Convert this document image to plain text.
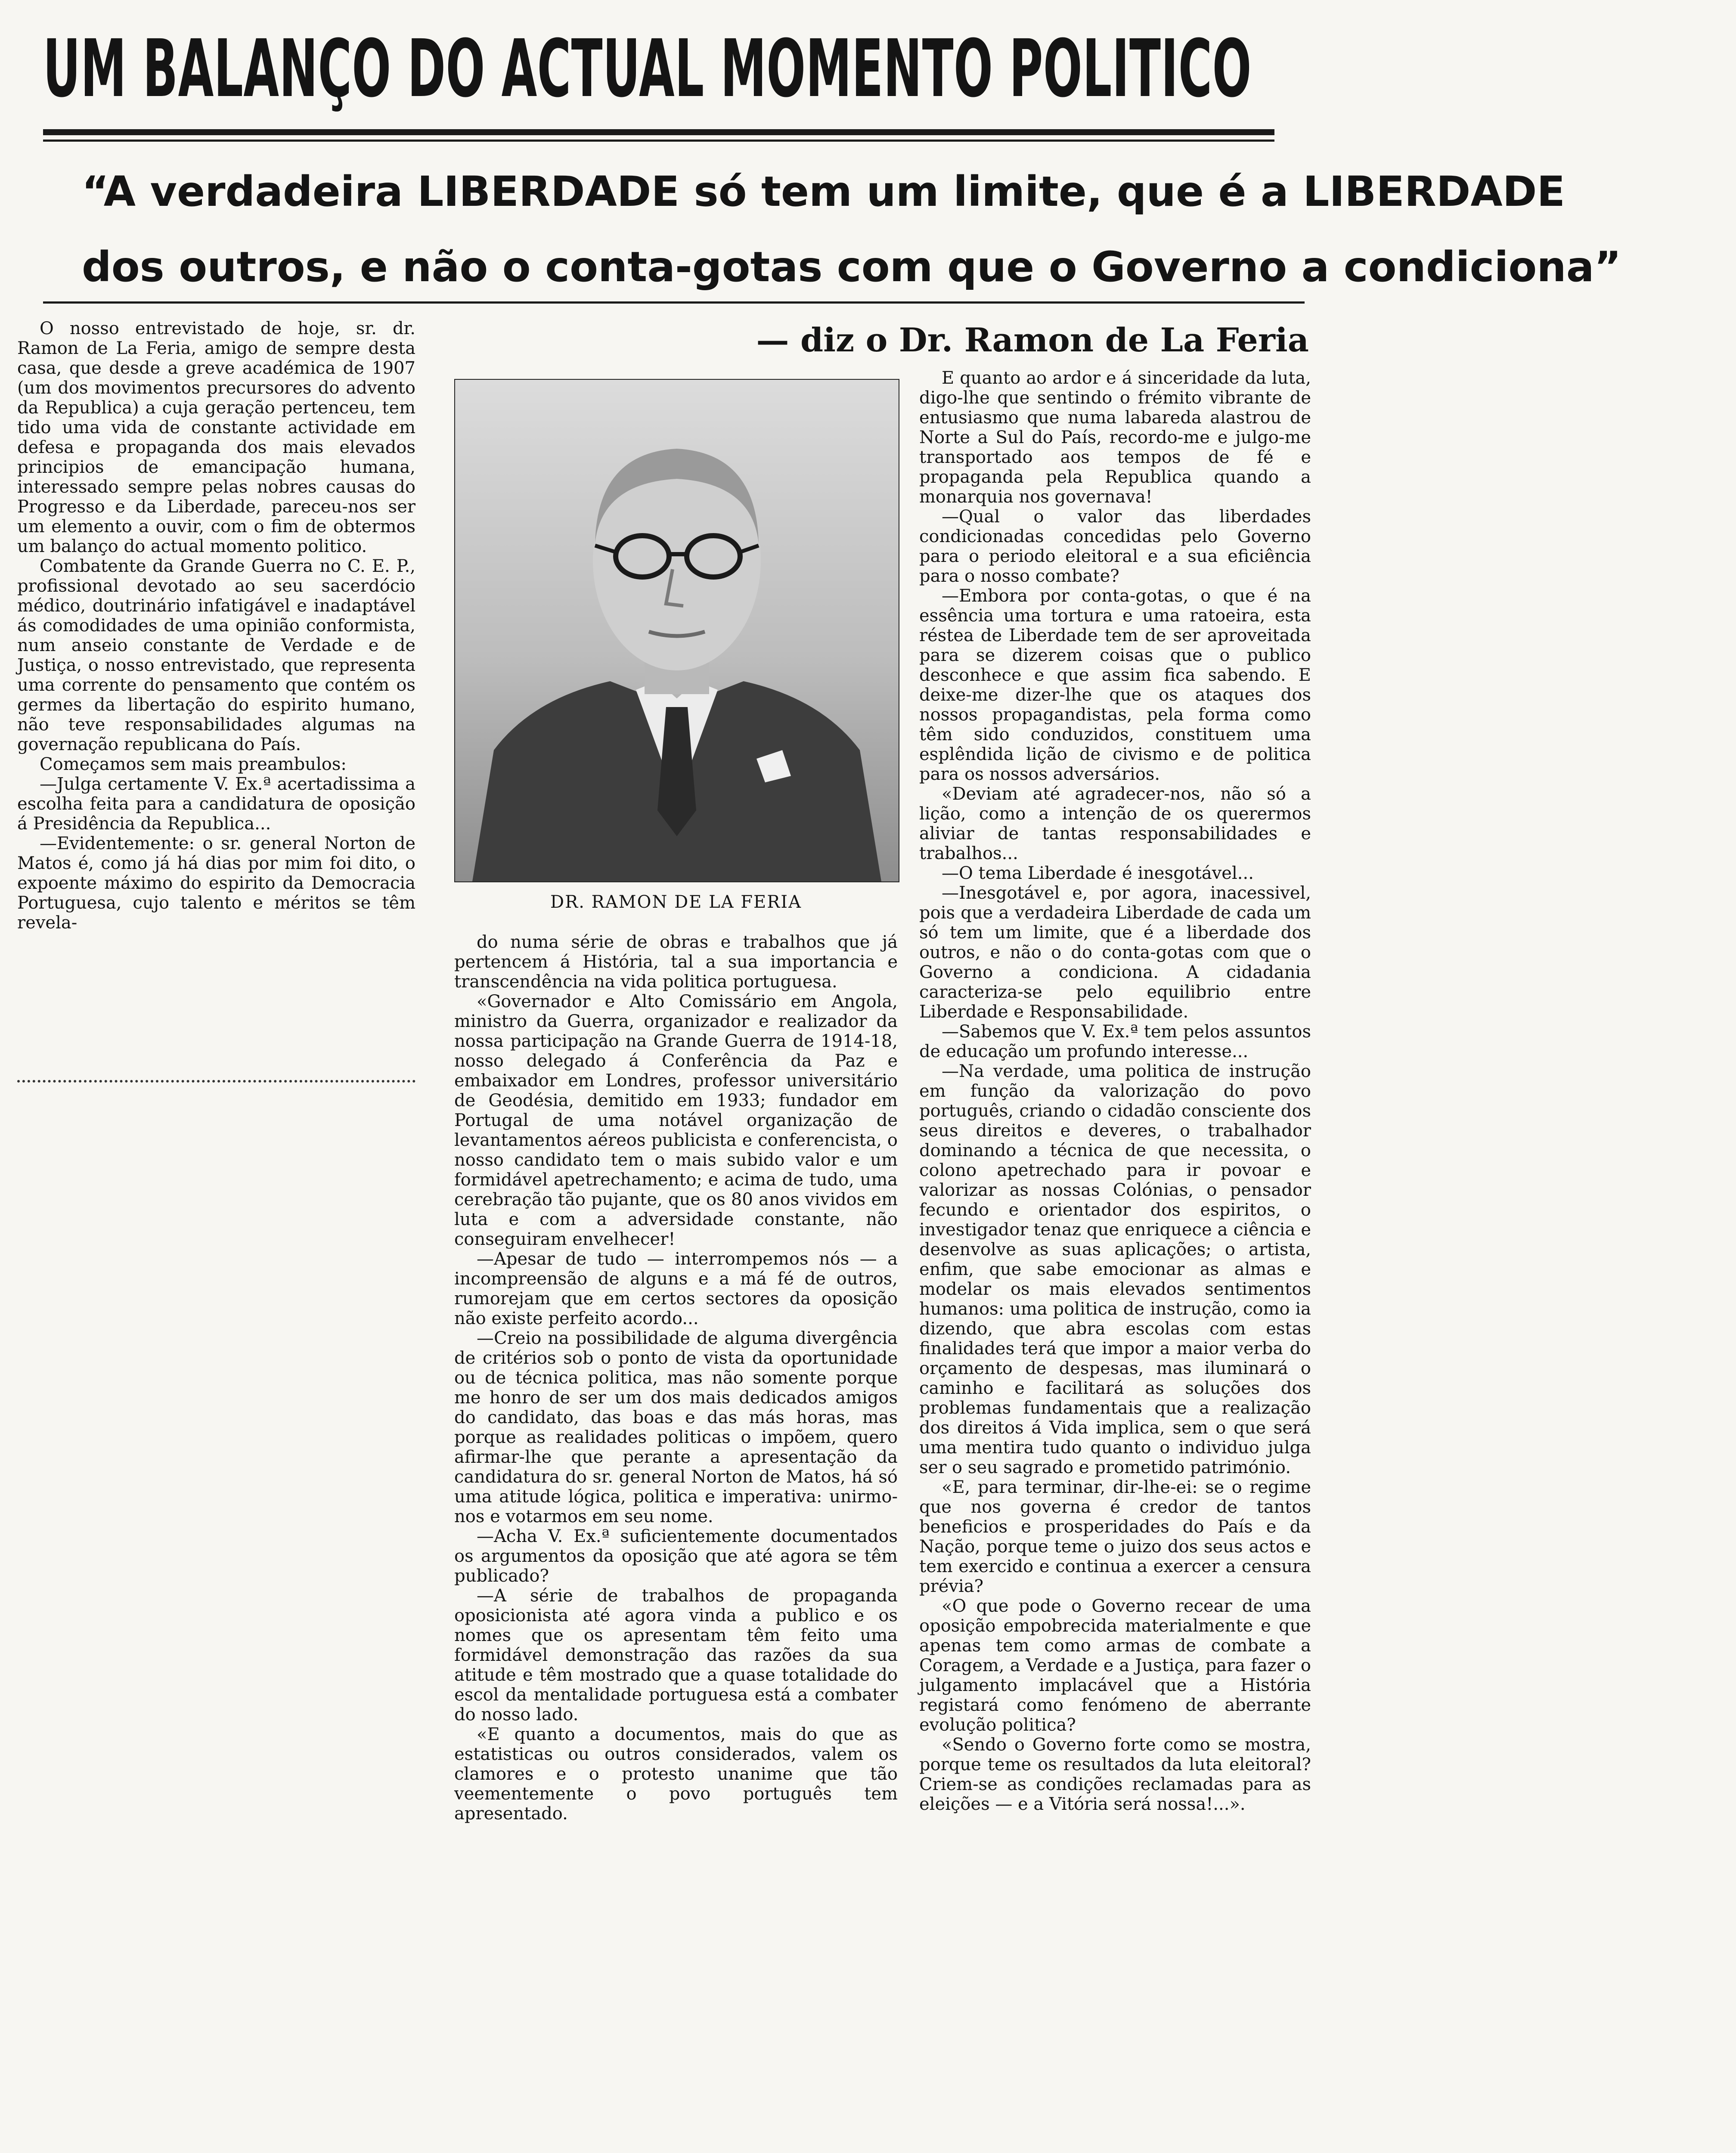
UM BALANÇO DO ACTUAL MOMENTO POLITICO
“A verdadeira LIBERDADE só tem um limite, que é a LIBERDADE
dos outros, e não o conta-gotas com que o Governo a condiciona”

O nosso entrevistado de hoje, sr. dr. Ramon de La Feria, amigo de sempre desta casa, que desde a greve académica de 1907 (um dos movimentos precursores do advento da Republica) a cuja geração pertenceu, tem tido uma vida de constante actividade em defesa e propaganda dos mais elevados principios de emancipação humana, interessado sempre pelas nobres causas do Progresso e da Liberdade, pareceu-nos ser um elemento a ouvir, com o fim de obtermos um balanço do actual momento politico.

Combatente da Grande Guerra no C. E. P., profissional devotado ao seu sacerdócio médico, doutrinário infatigável e inadaptável ás comodidades de uma opinião conformista, num anseio constante de Verdade e de Justiça, o nosso entrevistado, que representa uma corrente do pensamento que contém os germes da libertação do espirito humano, não teve responsabilidades algumas na governação republicana do País.

Começamos sem mais preambulos:

—Julga certamente V. Ex.ª acertadissima a escolha feita para a candidatura de oposição á Presidência da Republica...

—Evidentemente: o sr. general Norton de Matos é, como já há dias por mim foi dito, o expoente máximo do espirito da Democracia Portuguesa, cujo talento e méritos se têm revela-

— diz o Dr. Ramon de La Feria
DR. RAMON DE LA FERIA

do numa série de obras e trabalhos que já pertencem á História, tal a sua importancia e transcendência na vida politica portuguesa.

«Governador e Alto Comissário em Angola, ministro da Guerra, organizador e realizador da nossa participação na Grande Guerra de 1914-18, nosso delegado á Conferência da Paz e embaixador em Londres, professor universitário de Geodésia, demitido em 1933; fundador em Portugal de uma notável organização de levantamentos aéreos publicista e conferencista, o nosso candidato tem o mais subido valor e um formidável apetrechamento; e acima de tudo, uma cerebração tão pujante, que os 80 anos vividos em luta e com a adversidade constante, não conseguiram envelhecer!

—Apesar de tudo — interrompemos nós — a incompreensão de alguns e a má fé de outros, rumorejam que em certos sectores da oposição não existe perfeito acordo...

—Creio na possibilidade de alguma divergência de critérios sob o ponto de vista da oportunidade ou de técnica politica, mas não somente porque me honro de ser um dos mais dedicados amigos do candidato, das boas e das más horas, mas porque as realidades politicas o impõem, quero afirmar-lhe que perante a apresentação da candidatura do sr. general Norton de Matos, há só uma atitude lógica, politica e imperativa: unirmo-nos e votarmos em seu nome.

—Acha V. Ex.ª suficientemente documentados os argumentos da oposição que até agora se têm publicado?

—A série de trabalhos de propaganda oposicionista até agora vinda a publico e os nomes que os apresentam têm feito uma formidável demonstração das razões da sua atitude e têm mostrado que a quase totalidade do escol da mentalidade portuguesa está a combater do nosso lado.

«E quanto a documentos, mais do que as estatisticas ou outros considerados, valem os clamores e o protesto unanime que tão veementemente o povo português tem apresentado.

E quanto ao ardor e á sinceridade da luta, digo-lhe que sentindo o frémito vibrante de entusiasmo que numa labareda alastrou de Norte a Sul do País, recordo-me e julgo-me transportado aos tempos de fé e propaganda pela Republica quando a monarquia nos governava!

—Qual o valor das liberdades condicionadas concedidas pelo Governo para o periodo eleitoral e a sua eficiência para o nosso combate?

—Embora por conta-gotas, o que é na essência uma tortura e uma ratoeira, esta réstea de Liberdade tem de ser aproveitada para se dizerem coisas que o publico desconhece e que assim fica sabendo. E deixe-me dizer-lhe que os ataques dos nossos propagandistas, pela forma como têm sido conduzidos, constituem uma esplêndida lição de civismo e de politica para os nossos adversários.

«Deviam até agradecer-nos, não só a lição, como a intenção de os querermos aliviar de tantas responsabilidades e trabalhos...

—O tema Liberdade é inesgotável...

—Inesgotável e, por agora, inacessivel, pois que a verdadeira Liberdade de cada um só tem um limite, que é a liberdade dos outros, e não o do conta-gotas com que o Governo a condiciona. A cidadania caracteriza-se pelo equilibrio entre Liberdade e Responsabilidade.

—Sabemos que V. Ex.ª tem pelos assuntos de educação um profundo interesse...

—Na verdade, uma politica de instrução em função da valorização do povo português, criando o cidadão consciente dos seus direitos e deveres, o trabalhador dominando a técnica de que necessita, o colono apetrechado para ir povoar e valorizar as nossas Colónias, o pensador fecundo e orientador dos espiritos, o investigador tenaz que enriquece a ciência e desenvolve as suas aplicações; o artista, enfim, que sabe emocionar as almas e modelar os mais elevados sentimentos humanos: uma politica de instrução, como ia dizendo, que abra escolas com estas finalidades terá que impor a maior verba do orçamento de despesas, mas iluminará o caminho e facilitará as soluções dos problemas fundamentais que a realização dos direitos á Vida implica, sem o que será uma mentira tudo quanto o individuo julga ser o seu sagrado e prometido património.

«E, para terminar, dir-lhe-ei: se o regime que nos governa é credor de tantos beneficios e prosperidades do País e da Nação, porque teme o juizo dos seus actos e tem exercido e continua a exercer a censura prévia?

«O que pode o Governo recear de uma oposição empobrecida materialmente e que apenas tem como armas de combate a Coragem, a Verdade e a Justiça, para fazer o julgamento implacável que a História registará como fenómeno de aberrante evolução politica?

«Sendo o Governo forte como se mostra, porque teme os resultados da luta eleitoral? Criem-se as condições reclamadas para as eleições — e a Vitória será nossa!...».
